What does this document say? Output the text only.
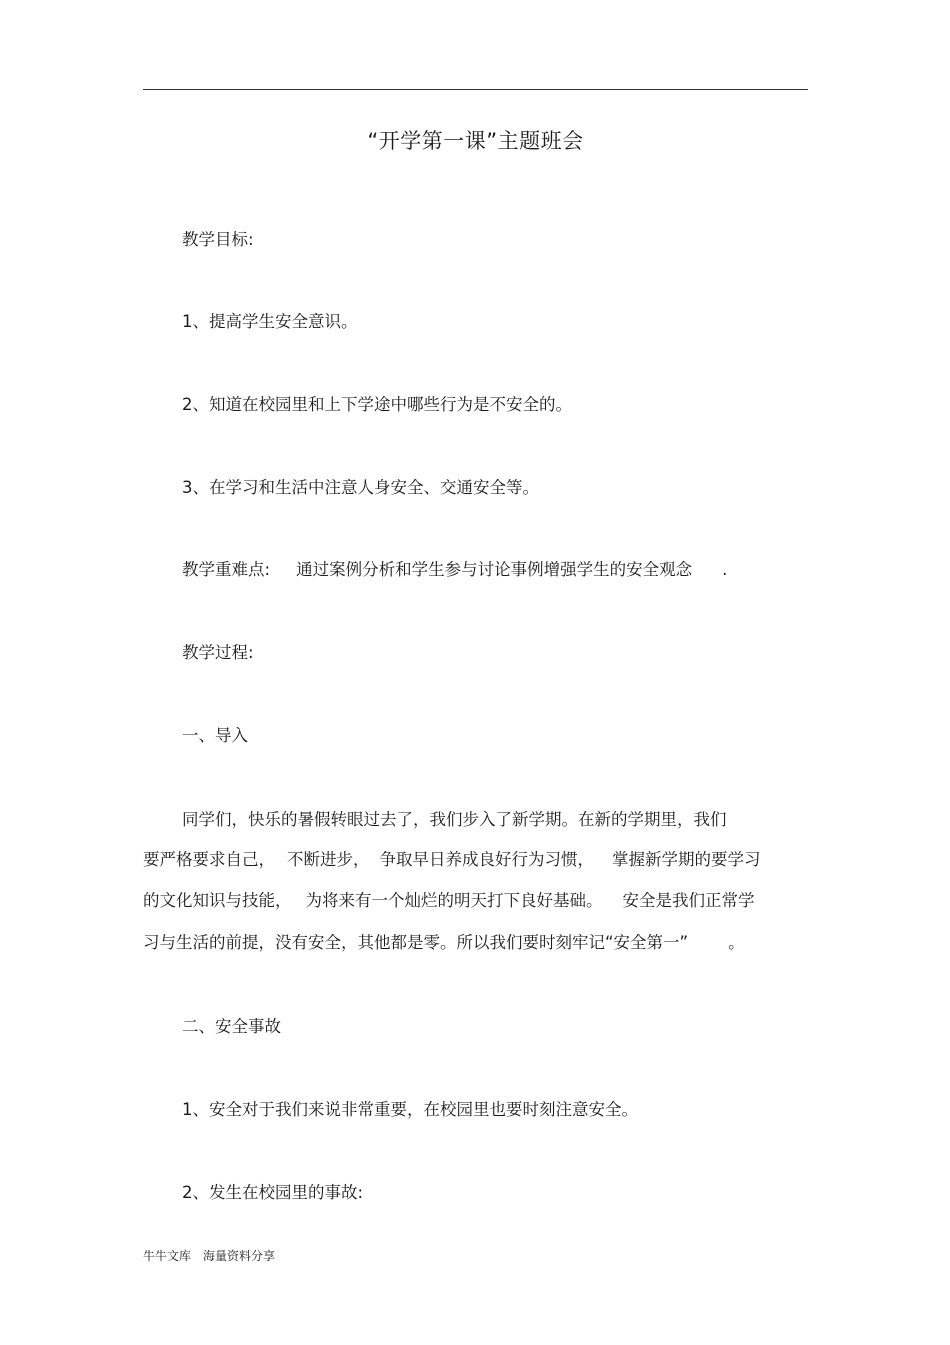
“开学第一课”主题班会
教学目标:
1、提高学生安全意识。
2、知道在校园里和上下学途中哪些行为是不安全的。
3、在学习和生活中注意人身安全、交通安全等。
教学重难点: 通过案例分析和学生参与讨论事例增强学生的安全观念 .
教学过程:
一、导入
同学们，快乐的暑假转眼过去了，我们步入了新学期。在新的学期里，我们
要严格要求自己， 不断进步， 争取早日养成良好行为习惯， 掌握新学期的要学习
的文化知识与技能， 为将来有一个灿烂的明天打下良好基础。 安全是我们正常学
习与生活的前提，没有安全，其他都是零。所以我们要时刻牢记“安全第一” 。
二、安全事故
1、安全对于我们来说非常重要，在校园里也要时刻注意安全。
2、发生在校园里的事故:
牛牛文库 海量资料分享
